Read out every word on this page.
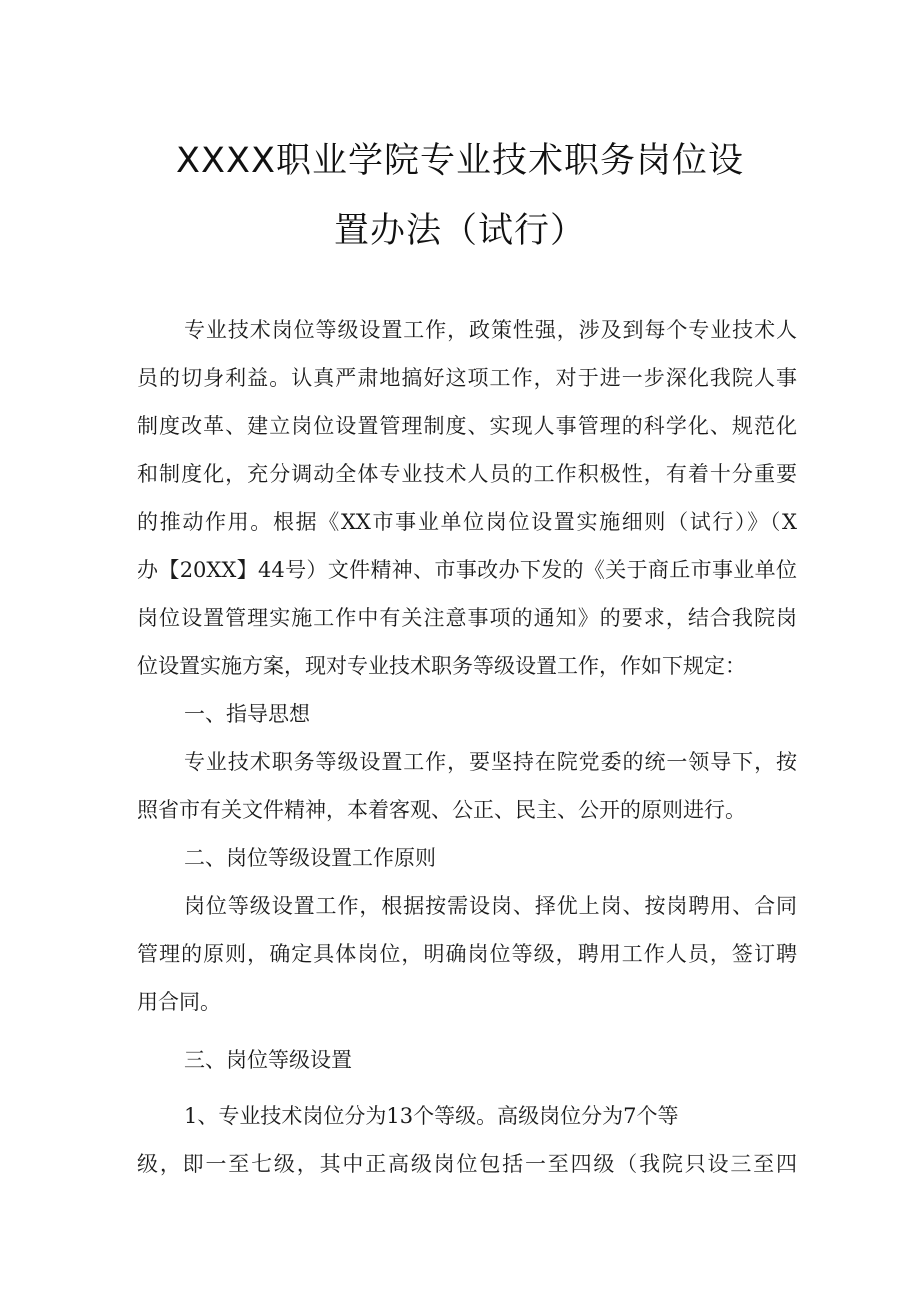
XXXX职业学院专业技术职务岗位设
置办法（试行）
专业技术岗位等级设置工作，政策性强，涉及到每个专业技术人
员的切身利益。认真严肃地搞好这项工作，对于进一步深化我院人事
制度改革、建立岗位设置管理制度、实现人事管理的科学化、规范化
和制度化，充分调动全体专业技术人员的工作积极性，有着十分重要
的推动作用。根据《XX市事业单位岗位设置实施细则（试行）》（X
办【20XX】44号）文件精神、市事改办下发的《关于商丘市事业单位
岗位设置管理实施工作中有关注意事项的通知》的要求，结合我院岗
位设置实施方案，现对专业技术职务等级设置工作，作如下规定：
一、指导思想
专业技术职务等级设置工作，要坚持在院党委的统一领导下，按
照省市有关文件精神，本着客观、公正、民主、公开的原则进行。
二、岗位等级设置工作原则
岗位等级设置工作，根据按需设岗、择优上岗、按岗聘用、合同
管理的原则，确定具体岗位，明确岗位等级，聘用工作人员，签订聘
用合同。
三、岗位等级设置
1、专业技术岗位分为13个等级。高级岗位分为7个等
级，即一至七级，其中正高级岗位包括一至四级（我院只设三至四
